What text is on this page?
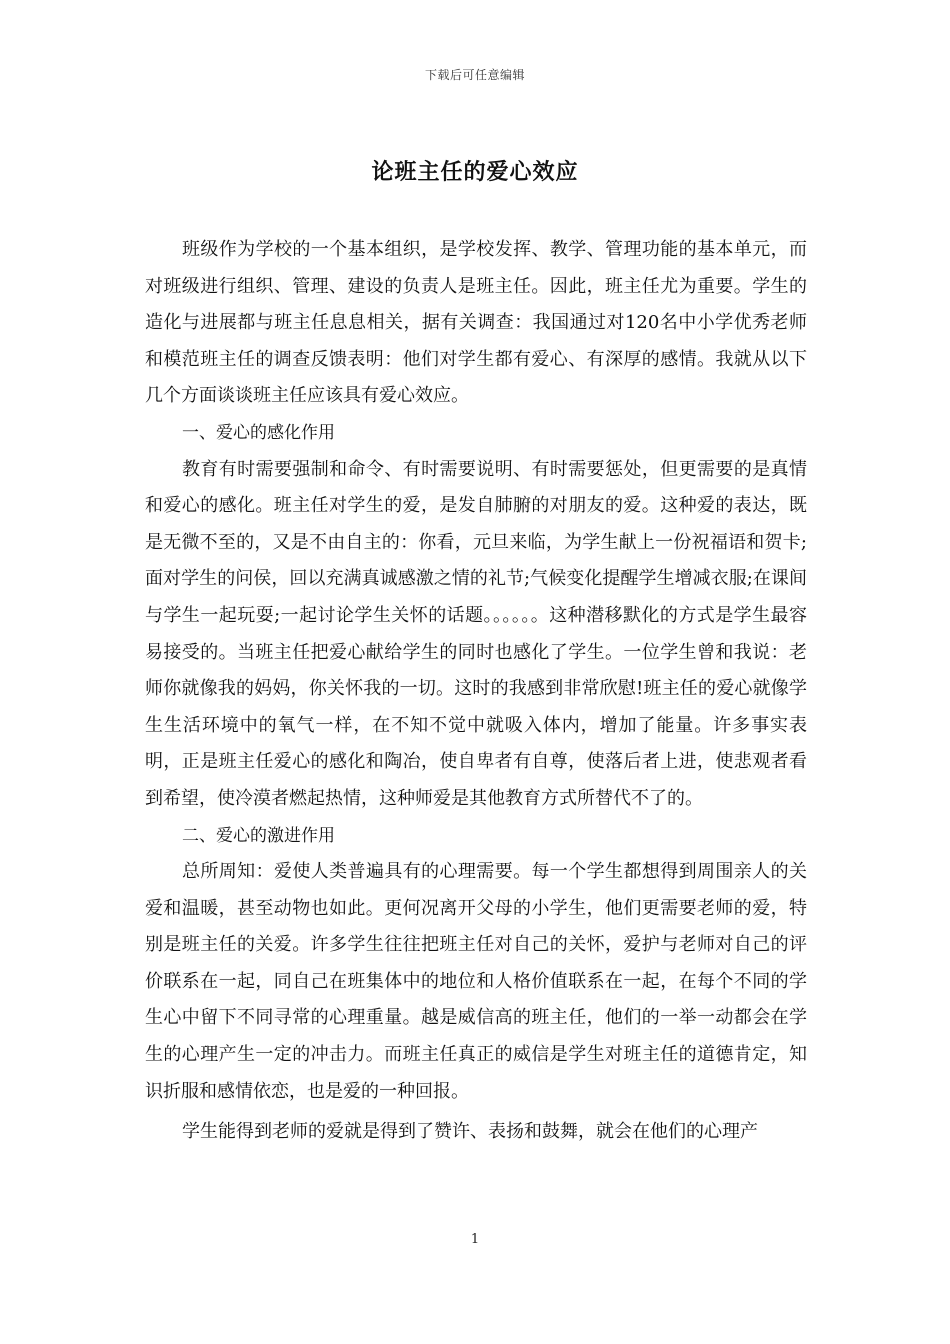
下载后可任意编辑
论班主任的爱心效应

班级作为学校的一个基本组织，是学校发挥、教学、管理功能的基本单元，而对班级进行组织、管理、建设的负责人是班主任。因此，班主任尤为重要。学生的造化与进展都与班主任息息相关，据有关调查：我国通过对120名中小学优秀老师和模范班主任的调查反馈表明：他们对学生都有爱心、有深厚的感情。我就从以下几个方面谈谈班主任应该具有爱心效应。

一、爱心的感化作用

教育有时需要强制和命令、有时需要说明、有时需要惩处，但更需要的是真情和爱心的感化。班主任对学生的爱，是发自肺腑的对朋友的爱。这种爱的表达，既是无微不至的，又是不由自主的：你看，元旦来临，为学生献上一份祝福语和贺卡;面对学生的问侯，回以充满真诚感激之情的礼节;气候变化提醒学生增减衣服;在课间与学生一起玩耍;一起讨论学生关怀的话题。。。。。。这种潜移默化的方式是学生最容易接受的。当班主任把爱心献给学生的同时也感化了学生。一位学生曾和我说：老师你就像我的妈妈，你关怀我的一切。这时的我感到非常欣慰!班主任的爱心就像学生生活环境中的氧气一样，在不知不觉中就吸入体内，增加了能量。许多事实表明，正是班主任爱心的感化和陶冶，使自卑者有自尊，使落后者上进，使悲观者看到希望，使冷漠者燃起热情，这种师爱是其他教育方式所替代不了的。

二、爱心的激进作用

总所周知：爱使人类普遍具有的心理需要。每一个学生都想得到周围亲人的关爱和温暖，甚至动物也如此。更何况离开父母的小学生，他们更需要老师的爱，特别是班主任的关爱。许多学生往往把班主任对自己的关怀，爱护与老师对自己的评价联系在一起，同自己在班集体中的地位和人格价值联系在一起，在每个不同的学生心中留下不同寻常的心理重量。越是威信高的班主任，他们的一举一动都会在学生的心理产生一定的冲击力。而班主任真正的威信是学生对班主任的道德肯定，知识折服和感情依恋，也是爱的一种回报。

学生能得到老师的爱就是得到了赞许、表扬和鼓舞，就会在他们的心理产

1
